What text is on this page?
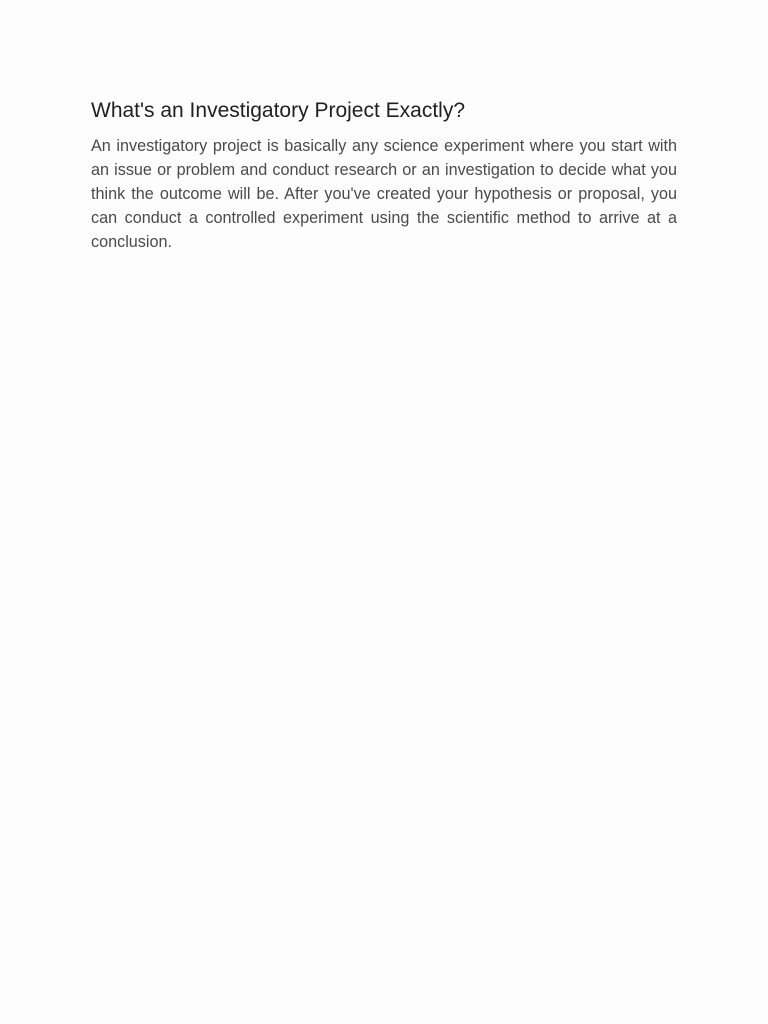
What's an Investigatory Project Exactly?

An investigatory project is basically any science experiment where you start with an issue or problem and conduct research or an investigation to decide what you think the outcome will be. After you've created your hypothesis or proposal, you can conduct a controlled experiment using the scientific method to arrive at a conclusion.
